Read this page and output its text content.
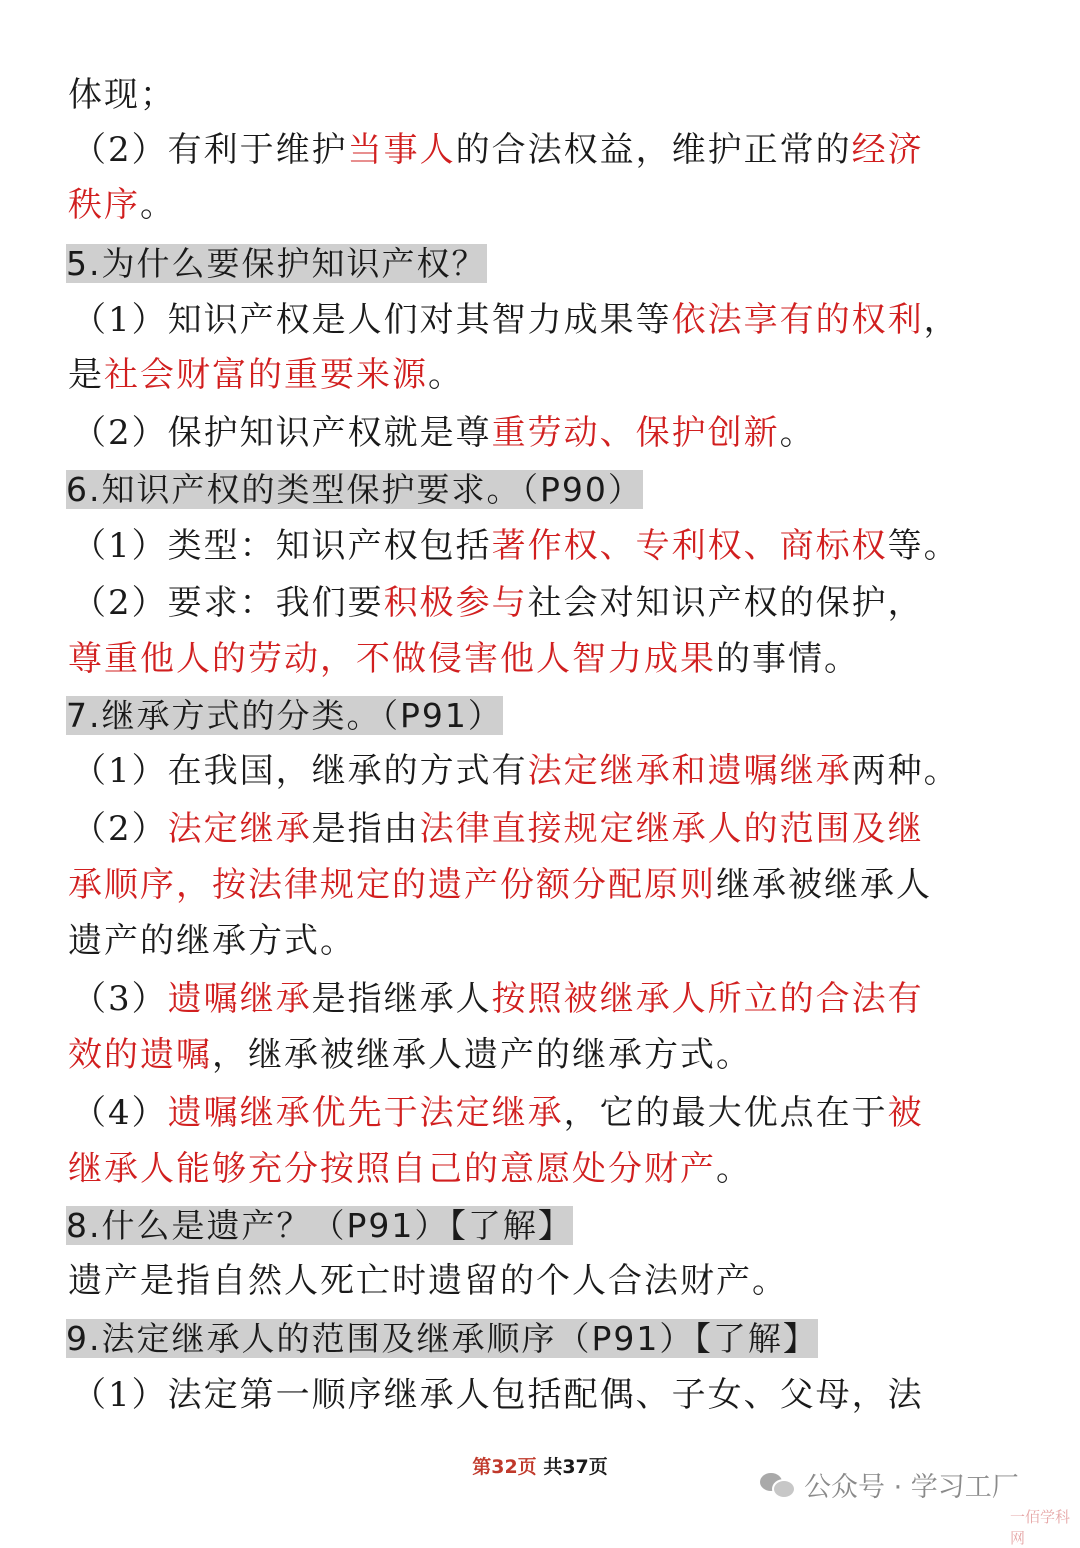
体现；
（2）有利于维护当事人的合法权益，维护正常的经济
秩序。
5.为什么要保护知识产权？
（1）知识产权是人们对其智力成果等依法享有的权利，
是社会财富的重要来源。
（2）保护知识产权就是尊重劳动、保护创新。
6.知识产权的类型保护要求。（P90）
（1）类型：知识产权包括著作权、专利权、商标权等。
（2）要求：我们要积极参与社会对知识产权的保护，
尊重他人的劳动，不做侵害他人智力成果的事情。
7.继承方式的分类。（P91）
（1）在我国，继承的方式有法定继承和遗嘱继承两种。
（2）法定继承是指由法律直接规定继承人的范围及继
承顺序，按法律规定的遗产份额分配原则继承被继承人
遗产的继承方式。
（3）遗嘱继承是指继承人按照被继承人所立的合法有
效的遗嘱，继承被继承人遗产的继承方式。
（4）遗嘱继承优先于法定继承，它的最大优点在于被
继承人能够充分按照自己的意愿处分财产。
8.什么是遗产？（P91）【了解】
遗产是指自然人死亡时遗留的个人合法财产。
9.法定继承人的范围及继承顺序（P91）【了解】
（1）法定第一顺序继承人包括配偶、子女、父母，法
第32页 共37页
公众号 · 学习工厂
一佰学科网
